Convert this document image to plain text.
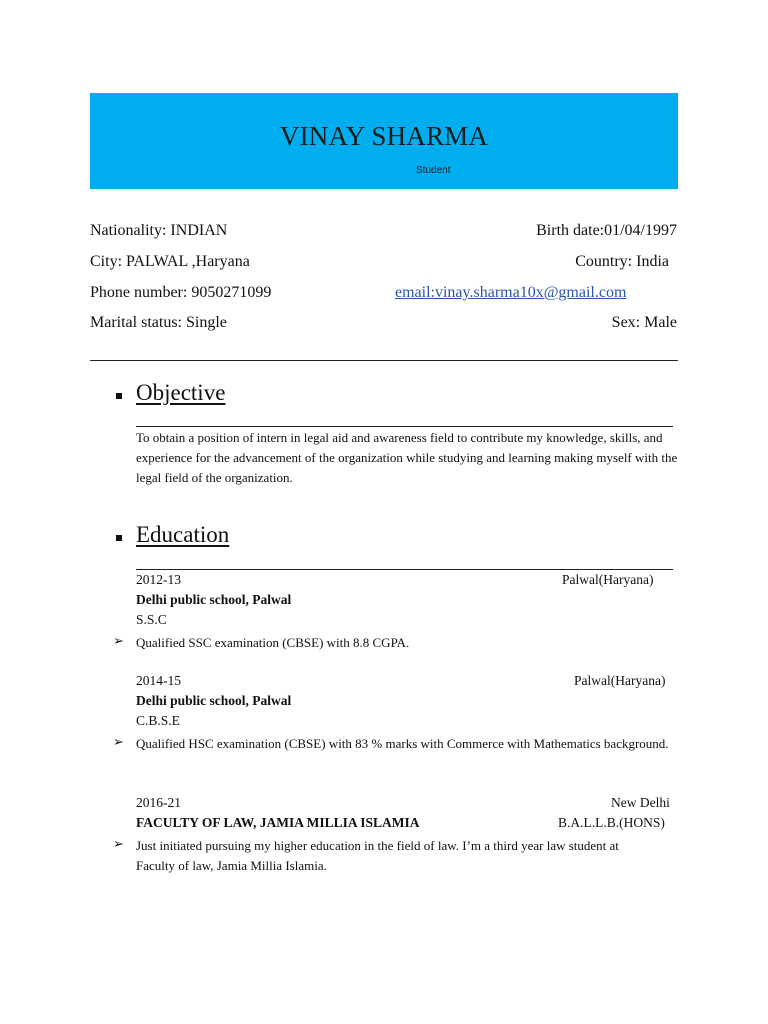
VINAY SHARMA
Student
Nationality: INDIAN	Birth date:01/04/1997
City: PALWAL ,Haryana	Country: India
Phone number: 9050271099	email:vinay.sharma10x@gmail.com
Marital status: Single	Sex: Male
Objective
To obtain a position of intern in legal aid and awareness field to contribute my knowledge, skills, and experience for the advancement of the organization while studying and learning making myself with the legal field of the organization.
Education
2012-13	Palwal(Haryana)
Delhi public school, Palwal
S.S.C
➢ Qualified SSC examination (CBSE) with 8.8 CGPA.
2014-15	Palwal(Haryana)
Delhi public school, Palwal
C.B.S.E
➢ Qualified HSC examination (CBSE) with 83 % marks with Commerce with Mathematics background.
2016-21	New Delhi
FACULTY OF LAW, JAMIA MILLIA ISLAMIA	B.A.L.L.B.(HONS)
➢ Just initiated pursuing my higher education in the field of law. I’m a third year law student at Faculty of law, Jamia Millia Islamia.
